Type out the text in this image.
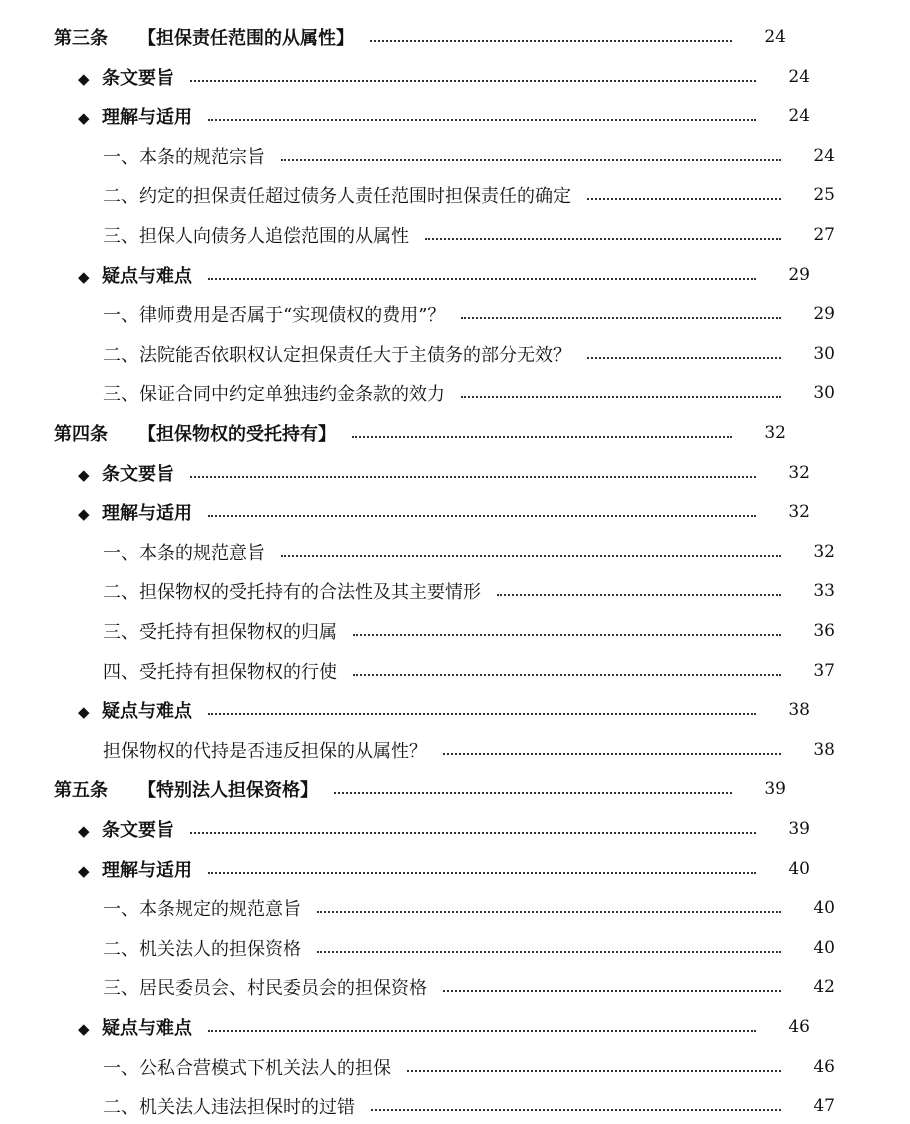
第三条 【担保责任范围的从属性】	24
◆ 条文要旨	24
◆ 理解与适用	24
一、本条的规范宗旨	24
二、约定的担保责任超过债务人责任范围时担保责任的确定	25
三、担保人向债务人追偿范围的从属性	27
◆ 疑点与难点	29
一、律师费用是否属于“实现债权的费用”？	29
二、法院能否依职权认定担保责任大于主债务的部分无效？	30
三、保证合同中约定单独违约金条款的效力	30
第四条 【担保物权的受托持有】	32
◆ 条文要旨	32
◆ 理解与适用	32
一、本条的规范意旨	32
二、担保物权的受托持有的合法性及其主要情形	33
三、受托持有担保物权的归属	36
四、受托持有担保物权的行使	37
◆ 疑点与难点	38
担保物权的代持是否违反担保的从属性？	38
第五条 【特别法人担保资格】	39
◆ 条文要旨	39
◆ 理解与适用	40
一、本条规定的规范意旨	40
二、机关法人的担保资格	40
三、居民委员会、村民委员会的担保资格	42
◆ 疑点与难点	46
一、公私合营模式下机关法人的担保	46
二、机关法人违法担保时的过错	47
